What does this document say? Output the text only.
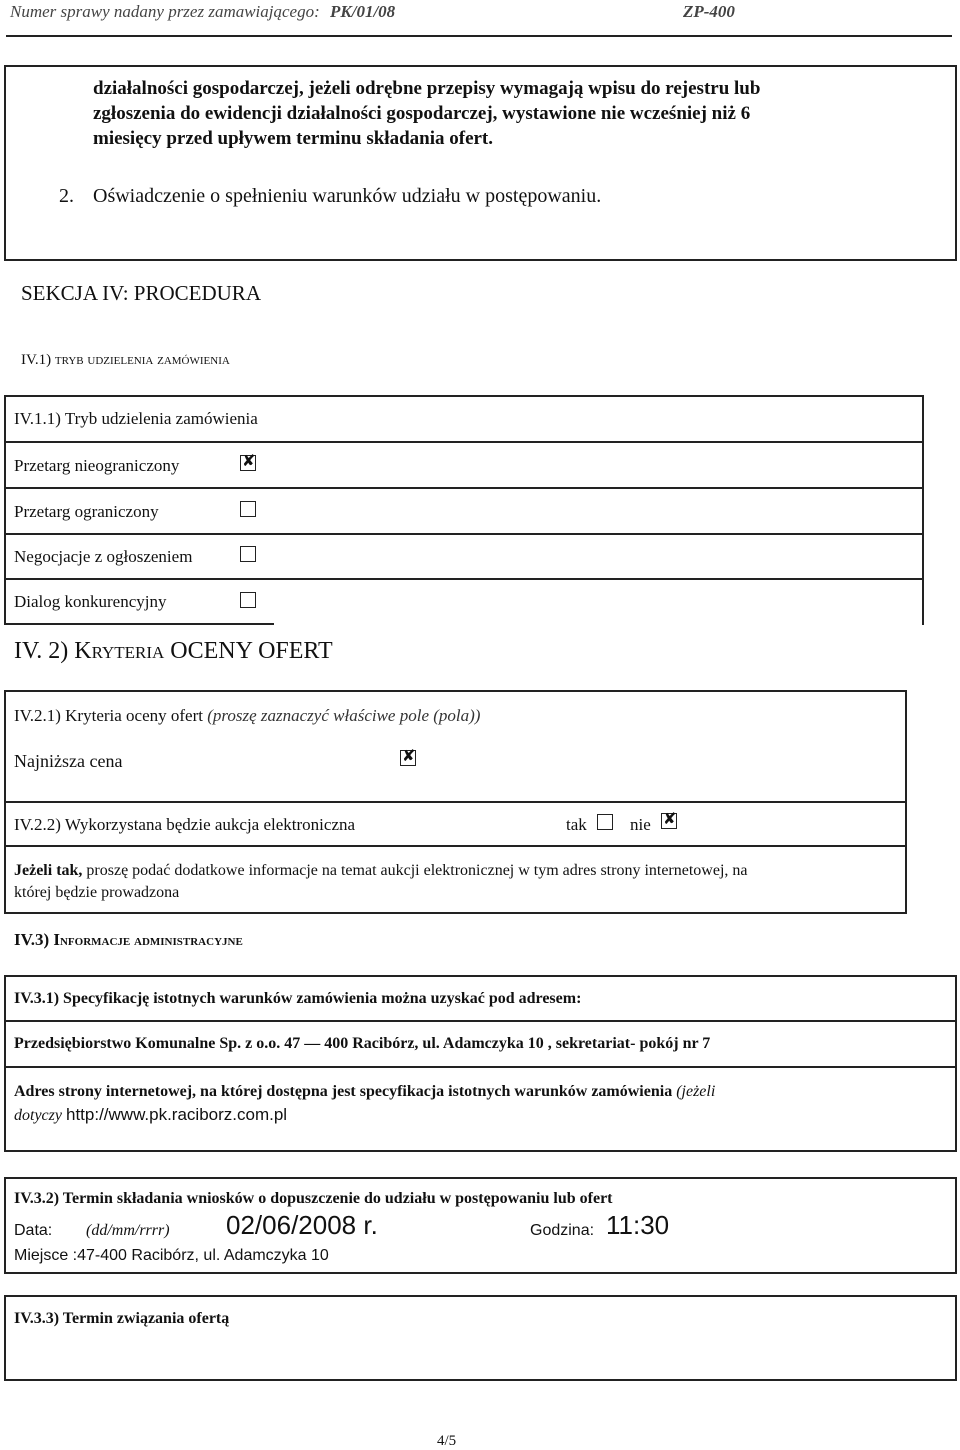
Numer sprawy nadany przez zamawiającego: PK/01/08	ZP-400
działalności gospodarczej, jeżeli odrębne przepisy wymagają wpisu do rejestru lub
zgłoszenia do ewidencji działalności gospodarczej, wystawione nie wcześniej niż 6
miesięcy przed upływem terminu składania ofert.
2. Oświadczenie o spełnieniu warunków udziału w postępowaniu.
SEKCJA IV: PROCEDURA
IV.1) tryb udzielenia zamówienia
IV.1.1) Tryb udzielenia zamówienia
Przetarg nieograniczony	✘
Przetarg ograniczony
Negocjacje z ogłoszeniem
Dialog konkurencyjny
IV. 2) Kryteria OCENY OFERT
IV.2.1) Kryteria oceny ofert (proszę zaznaczyć właściwe pole (pola))
Najniższa cena	✘
IV.2.2) Wykorzystana będzie aukcja elektroniczna	tak	nie ✘
Jeżeli tak, proszę podać dodatkowe informacje na temat aukcji elektronicznej w tym adres strony internetowej, na
której będzie prowadzona
IV.3) Informacje administracyjne
IV.3.1) Specyfikację istotnych warunków zamówienia można uzyskać pod adresem:
Przedsiębiorstwo Komunalne Sp. z o.o. 47 — 400 Racibórz, ul. Adamczyka 10 , sekretariat- pokój nr 7
Adres strony internetowej, na której dostępna jest specyfikacja istotnych warunków zamówienia (jeżeli
dotyczy http://www.pk.raciborz.com.pl
IV.3.2) Termin składania wniosków o dopuszczenie do udziału w postępowaniu lub ofert
Data: (dd/mm/rrrr) 02/06/2008 r.	Godzina: 11:30
Miejsce :47-400 Racibórz, ul. Adamczyka 10
IV.3.3) Termin związania ofertą
4/5
